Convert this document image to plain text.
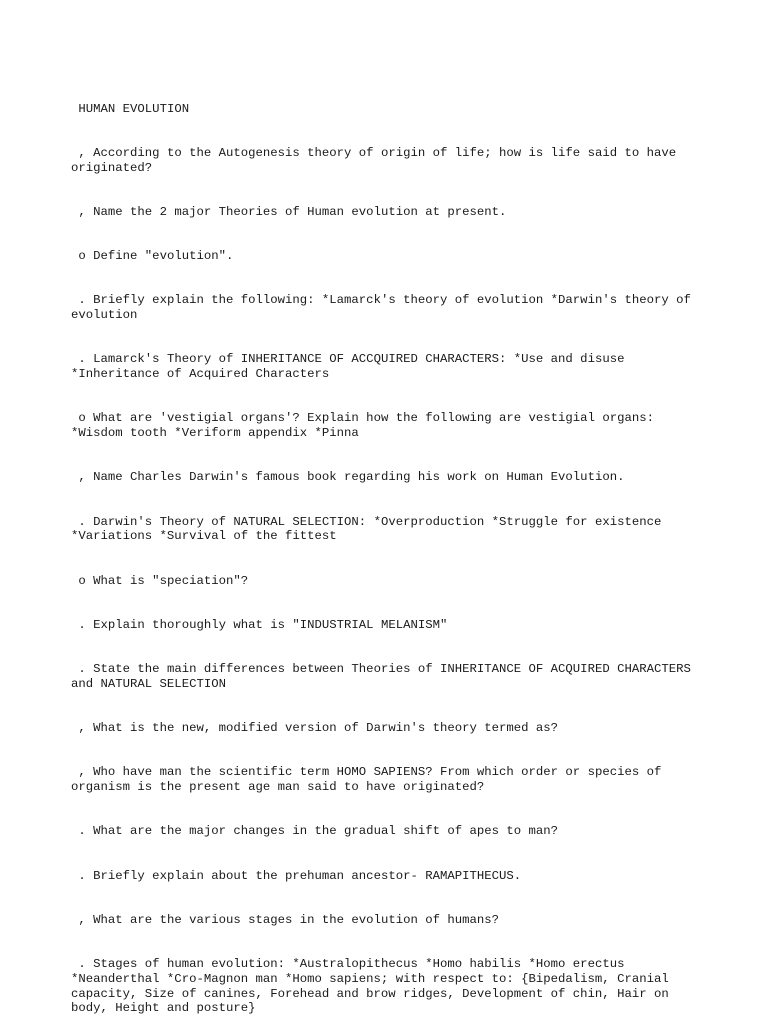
HUMAN EVOLUTION

, According to the Autogenesis theory of origin of life; how is life said to have originated?

, Name the 2 major Theories of Human evolution at present.

o Define "evolution".

. Briefly explain the following: *Lamarck's theory of evolution *Darwin's theory of evolution

. Lamarck's Theory of INHERITANCE OF ACCQUIRED CHARACTERS: *Use and disuse *Inheritance of Acquired Characters

o What are 'vestigial organs'? Explain how the following are vestigial organs: *Wisdom tooth *Veriform appendix *Pinna

, Name Charles Darwin's famous book regarding his work on Human Evolution.

. Darwin's Theory of NATURAL SELECTION: *Overproduction *Struggle for existence *Variations *Survival of the fittest

o What is "speciation"?

. Explain thoroughly what is "INDUSTRIAL MELANISM"

. State the main differences between Theories of INHERITANCE OF ACQUIRED CHARACTERS and NATURAL SELECTION

, What is the new, modified version of Darwin's theory termed as?

, Who have man the scientific term HOMO SAPIENS? From which order or species of organism is the present age man said to have originated?

. What are the major changes in the gradual shift of apes to man?

. Briefly explain about the prehuman ancestor- RAMAPITHECUS.

, What are the various stages in the evolution of humans?

. Stages of human evolution: *Australopithecus *Homo habilis *Homo erectus *Neanderthal *Cro-Magnon man *Homo sapiens; with respect to: {Bipedalism, Cranial capacity, Size of canines, Forehead and brow ridges, Development of chin, Hair on body, Height and posture}
